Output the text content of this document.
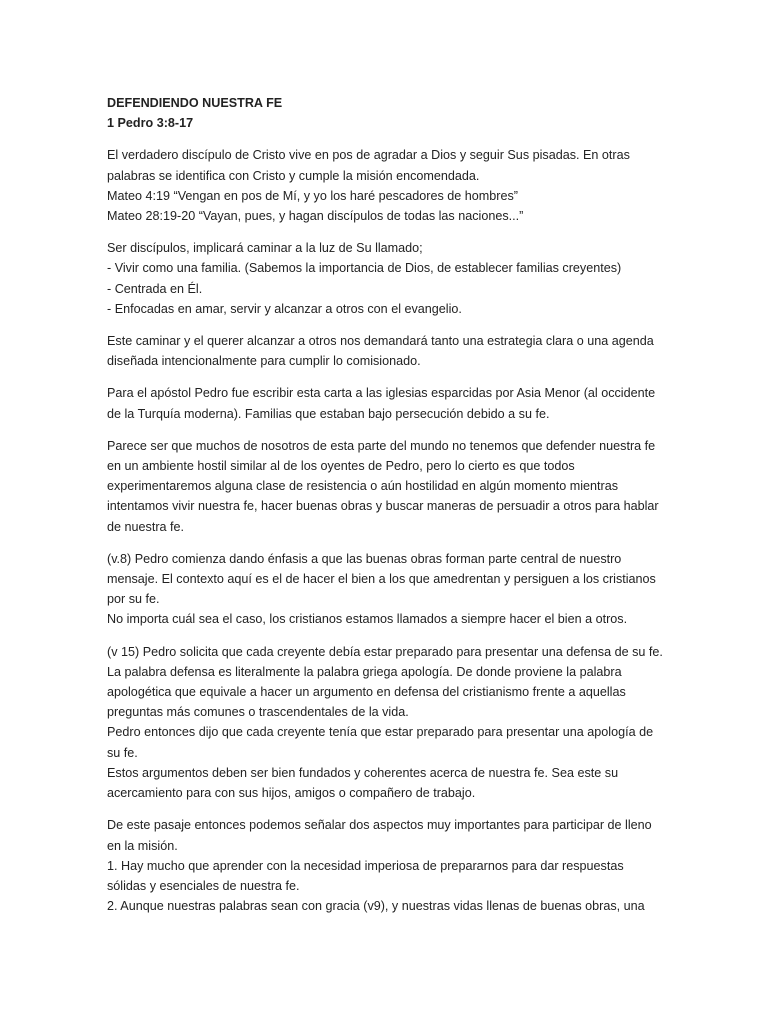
DEFENDIENDO NUESTRA FE
1 Pedro 3:8-17
El verdadero discípulo de Cristo vive en pos de agradar a Dios y seguir Sus pisadas. En otras palabras se identifica con Cristo y cumple la misión encomendada.
Mateo 4:19 “Vengan en pos de Mí, y yo los haré pescadores de hombres”
Mateo 28:19-20 “Vayan, pues, y hagan discípulos de todas las naciones...”
Ser discípulos, implicará caminar a la luz de Su llamado;
- Vivir como una familia. (Sabemos la importancia de Dios, de establecer familias creyentes)
- Centrada en Él.
- Enfocadas en amar, servir y alcanzar a otros con el evangelio.
Este caminar y el querer alcanzar a otros nos demandará tanto una estrategia clara o una agenda diseñada intencionalmente para cumplir lo comisionado.
Para el apóstol Pedro fue escribir esta carta a las iglesias esparcidas por Asia Menor (al occidente de la Turquía moderna). Familias que estaban bajo persecución debido a su fe.
Parece ser que muchos de nosotros de esta parte del mundo no tenemos que defender nuestra fe en un ambiente hostil similar al de los oyentes de Pedro, pero lo cierto es que todos experimentaremos alguna clase de resistencia o aún hostilidad en algún momento mientras intentamos vivir nuestra fe, hacer buenas obras y buscar maneras de persuadir a otros para hablar de nuestra fe.
(v.8) Pedro comienza dando énfasis a que las buenas obras forman parte central de nuestro mensaje. El contexto aquí es el de hacer el bien a los que amedrentan y persiguen a los cristianos por su fe.
No importa cuál sea el caso, los cristianos estamos llamados a siempre hacer el bien a otros.
(v 15) Pedro solicita que cada creyente debía estar preparado para presentar una defensa de su fe. La palabra defensa es literalmente la palabra griega apología. De donde proviene la palabra apologética que equivale a hacer un argumento en defensa del cristianismo frente a aquellas preguntas más comunes o trascendentales de la vida.
Pedro entonces dijo que cada creyente tenía que estar preparado para presentar una apología de su fe.
Estos argumentos deben ser bien fundados y coherentes acerca de nuestra fe. Sea este su acercamiento para con sus hijos, amigos o compañero de trabajo.
De este pasaje entonces podemos señalar dos aspectos muy importantes para participar de lleno en la misión.
1. Hay mucho que aprender con la necesidad imperiosa de prepararnos para dar respuestas sólidas y esenciales de nuestra fe.
2. Aunque nuestras palabras sean con gracia (v9), y nuestras vidas llenas de buenas obras, una
